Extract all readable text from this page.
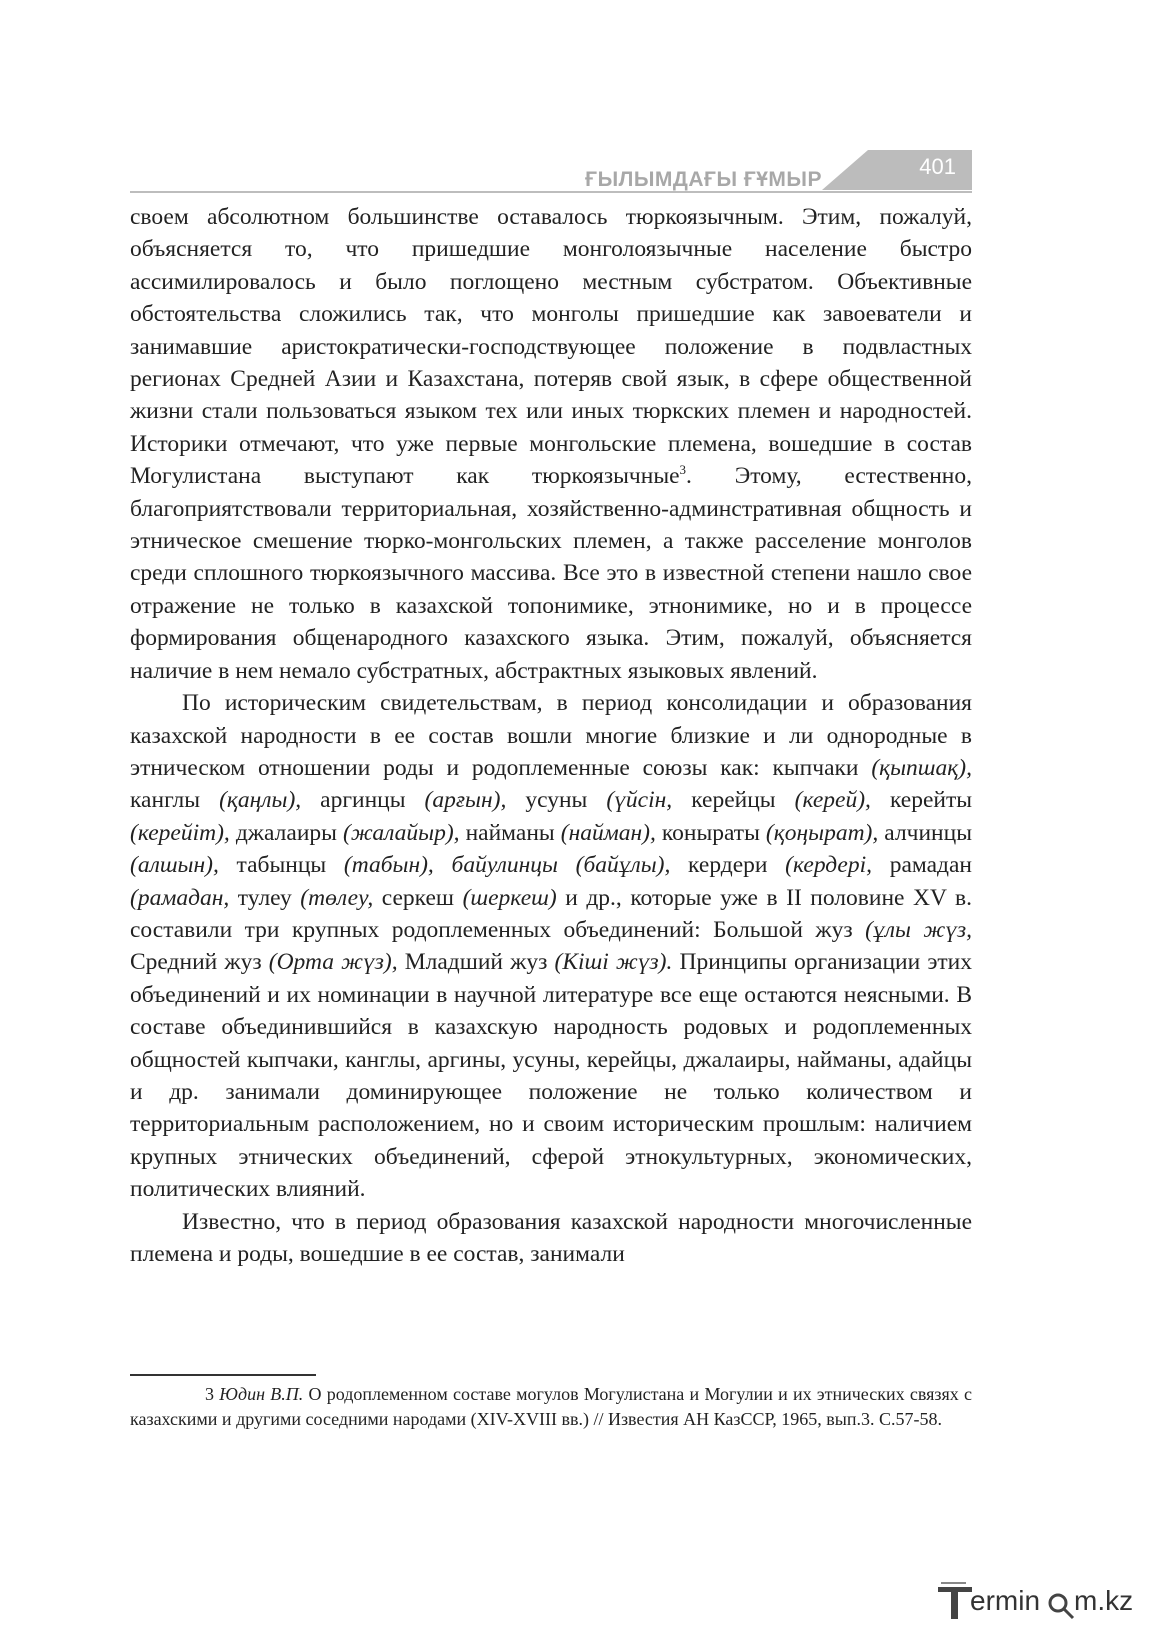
ҒЫЛЫМДАҒЫ ҒҰМЫР
401

своем абсолютном большинстве оставалось тюркоязычным. Этим, пожалуй, объясняется то, что пришедшие монголоязычные население быстро ассимилировалось и было поглощено местным субстратом. Объективные обстоятельства сложились так, что монголы пришедшие как завоеватели и занимавшие аристократически-господствующее положение в подвластных регионах Средней Азии и Казахстана, потеряв свой язык, в сфере общественной жизни стали пользоваться языком тех или иных тюркских племен и народностей. Историки отмечают, что уже первые монгольские племена, вошедшие в состав Могулистана выступают как тюркоязычные$^3$. Этому, естественно, благоприятствовали территориальная, хозяйственно-админстративная общность и этническое смешение тюрко-монгольских племен, а также расселение монголов среди сплошного тюркоязычного массива. Все это в известной степени нашло свое отражение не только в казахской топонимике, этнонимике, но и в процессе формирования общенародного казахского языка. Этим, пожалуй, объясняется наличие в нем немало субстратных, абстрактных языковых явлений.

По историческим свидетельствам, в период консолидации и образования казахской народности в ее состав вошли многие близкие и ли однородные в этническом отношении роды и родоплеменные союзы как: кыпчаки (қыпшақ), канглы (қаңлы), аргинцы (арғын), усуны (үйсін, керейцы (керей), керейты (керейіт), джалаиры (жалайыр), найманы (найман), коныраты (қоңырат), алчинцы (алшын), табынцы (табын), байулинцы (байұлы), кердери (кердері, рамадан (рамадан, тулеу (төлеу, серкеш (шеркеш) и др., которые уже в II половине XV в. составили три крупных родоплеменных объединений: Большой жуз (ұлы жүз, Средний жуз (Орта жүз), Младший жуз (Кіші жүз). Принципы организации этих объединений и их номинации в научной литературе все еще остаются неясными. В составе объединившийся в казахскую народность родовых и родоплеменных общностей кыпчаки, канглы, аргины, усуны, керейцы, джалаиры, найманы, адайцы и др. занимали доминирующее положение не только количеством и территориальным расположением, но и своим историческим прошлым: наличием крупных этнических объединений, сферой этнокультурных, экономических, политических влияний.

Известно, что в период образования казахской народности многочисленные племена и роды, вошедшие в ее состав, занимали

3 Юдин В.П. О родоплеменном составе могулов Могулистана и Могулии и их этнических связях с казахскими и другими соседними народами (XIV-XVIII вв.) // Известия АН КазССР, 1965, вып.3. С.57-58.
ermin m.kz
